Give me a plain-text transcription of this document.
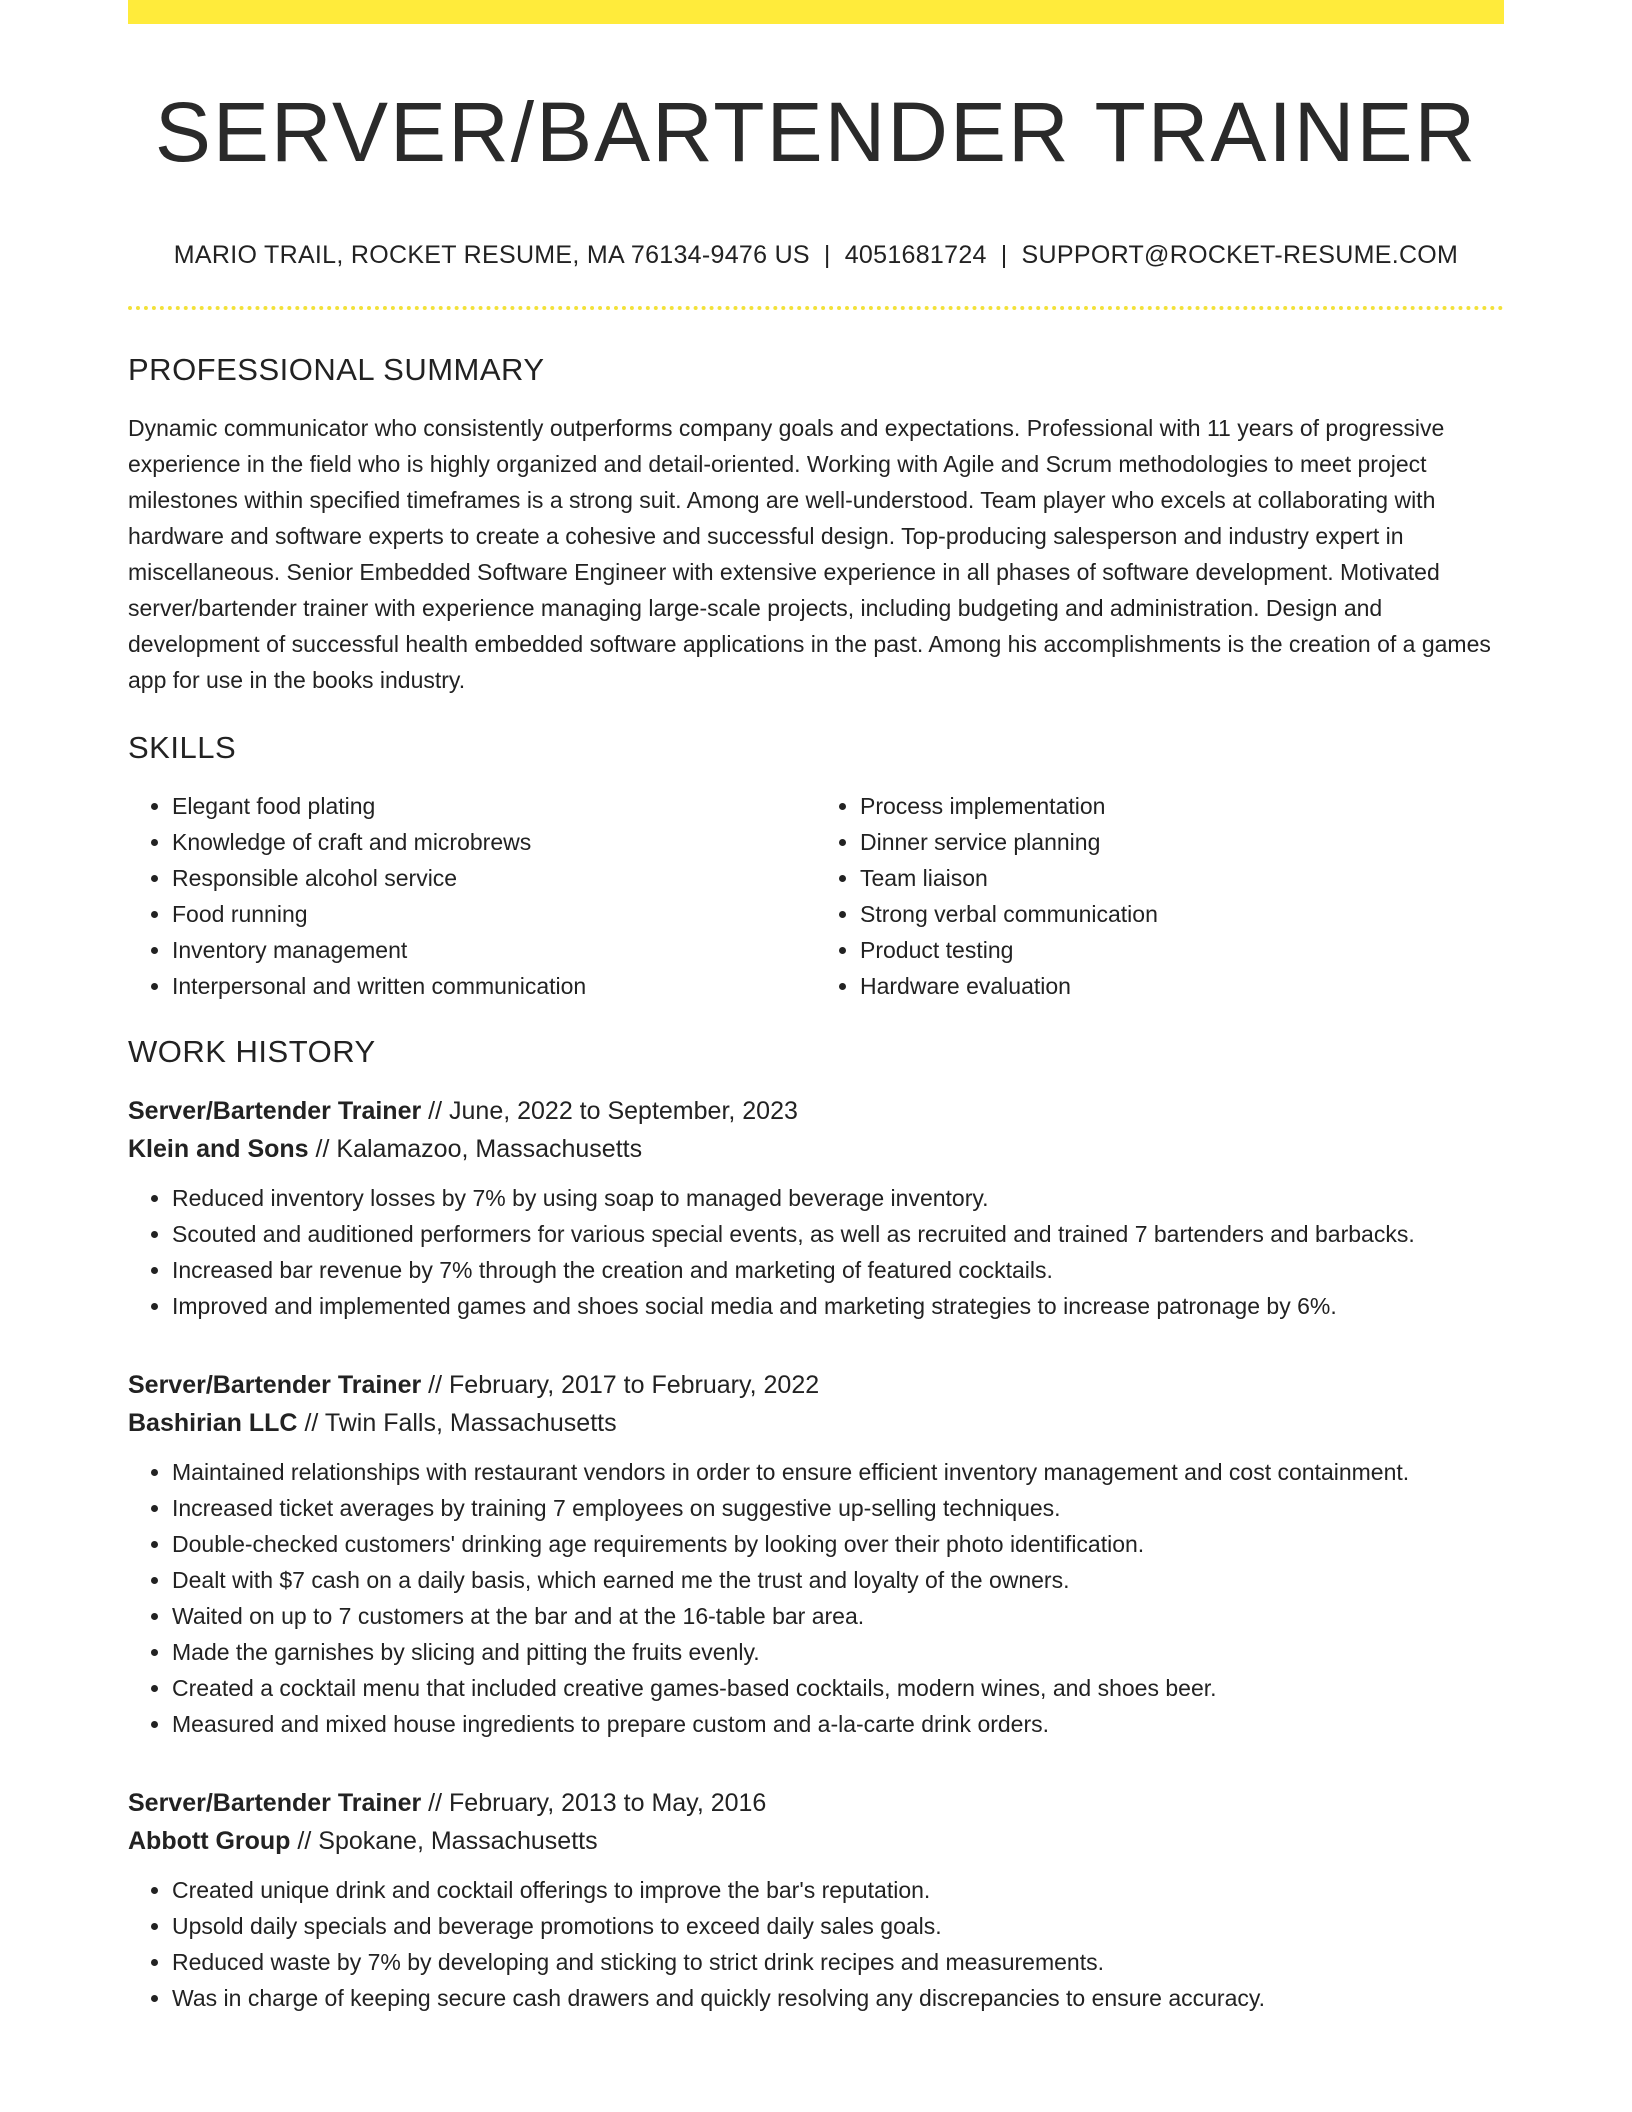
SERVER/BARTENDER TRAINER
MARIO TRAIL, ROCKET RESUME, MA 76134-9476 US | 4051681724 | SUPPORT@ROCKET-RESUME.COM
PROFESSIONAL SUMMARY

Dynamic communicator who consistently outperforms company goals and expectations. Professional with 11 years of progressive experience in the field who is highly organized and detail-oriented. Working with Agile and Scrum methodologies to meet project milestones within specified timeframes is a strong suit. Among are well-understood. Team player who excels at collaborating with hardware and software experts to create a cohesive and successful design. Top-producing salesperson and industry expert in miscellaneous. Senior Embedded Software Engineer with extensive experience in all phases of software development. Motivated server/bartender trainer with experience managing large-scale projects, including budgeting and administration. Design and development of successful health embedded software applications in the past. Among his accomplishments is the creation of a games app for use in the books industry.

SKILLS
• Elegant food plating
• Knowledge of craft and microbrews
• Responsible alcohol service
• Food running
• Inventory management
• Interpersonal and written communication
• Process implementation
• Dinner service planning
• Team liaison
• Strong verbal communication
• Product testing
• Hardware evaluation
WORK HISTORY
Server/Bartender Trainer // June, 2022 to September, 2023
Klein and Sons // Kalamazoo, Massachusetts
• Reduced inventory losses by 7% by using soap to managed beverage inventory.
• Scouted and auditioned performers for various special events, as well as recruited and trained 7 bartenders and barbacks.
• Increased bar revenue by 7% through the creation and marketing of featured cocktails.
• Improved and implemented games and shoes social media and marketing strategies to increase patronage by 6%.
Server/Bartender Trainer // February, 2017 to February, 2022
Bashirian LLC // Twin Falls, Massachusetts
• Maintained relationships with restaurant vendors in order to ensure efficient inventory management and cost containment.
• Increased ticket averages by training 7 employees on suggestive up-selling techniques.
• Double-checked customers' drinking age requirements by looking over their photo identification.
• Dealt with $7 cash on a daily basis, which earned me the trust and loyalty of the owners.
• Waited on up to 7 customers at the bar and at the 16-table bar area.
• Made the garnishes by slicing and pitting the fruits evenly.
• Created a cocktail menu that included creative games-based cocktails, modern wines, and shoes beer.
• Measured and mixed house ingredients to prepare custom and a-la-carte drink orders.
Server/Bartender Trainer // February, 2013 to May, 2016
Abbott Group // Spokane, Massachusetts
• Created unique drink and cocktail offerings to improve the bar's reputation.
• Upsold daily specials and beverage promotions to exceed daily sales goals.
• Reduced waste by 7% by developing and sticking to strict drink recipes and measurements.
• Was in charge of keeping secure cash drawers and quickly resolving any discrepancies to ensure accuracy.
